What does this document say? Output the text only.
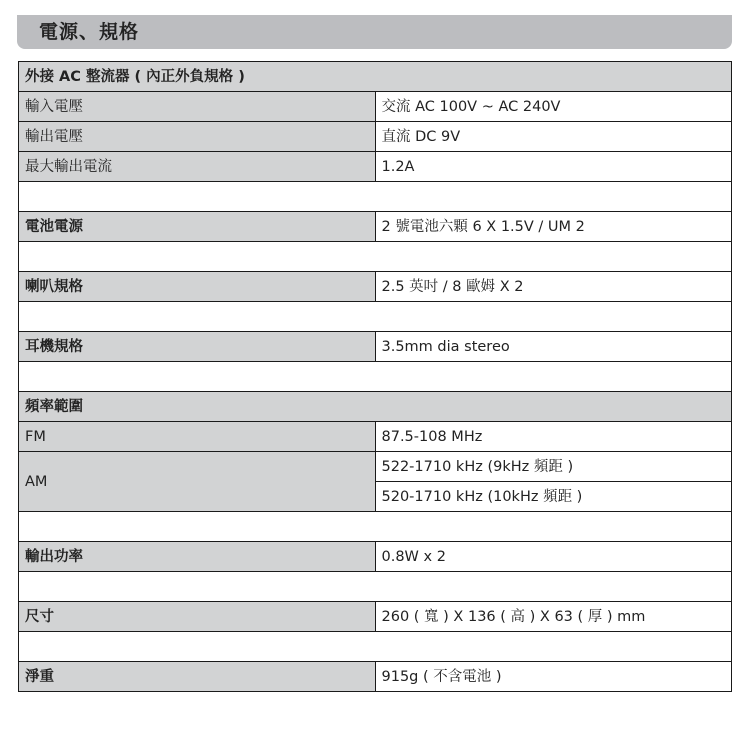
電源、規格
外接 AC 整流器 ( 內正外負規格 )	
輸入電壓	交流 AC 100V ~ AC 240V
輸出電壓	直流 DC 9V
最大輸出電流	1.2A

電池電源	2 號電池六顆 6 X 1.5V / UM 2

喇叭規格	2.5 英吋 / 8 歐姆 X 2

耳機規格	3.5mm dia stereo

頻率範圍	
FM	87.5-108 MHz
AM	522-1710 kHz (9kHz 頻距 )
	520-1710 kHz (10kHz 頻距 )

輸出功率	0.8W x 2

尺寸	260 ( 寬 ) X 136 ( 高 ) X 63 ( 厚 ) mm

淨重	915g ( 不含電池 )
